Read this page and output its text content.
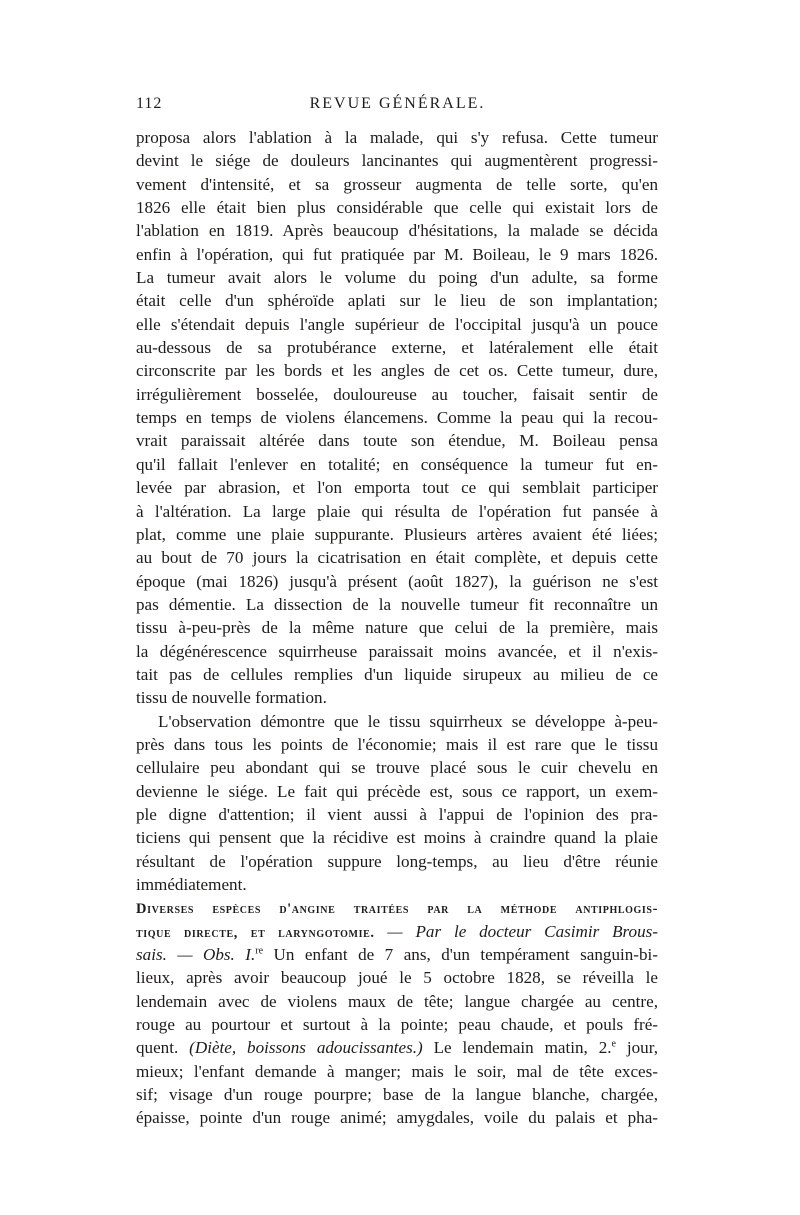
112	REVUE GÉNÉRALE.
proposa alors l'ablation à la malade, qui s'y refusa. Cette tumeur
devint le siége de douleurs lancinantes qui augmentèrent progressi-
vement d'intensité, et sa grosseur augmenta de telle sorte, qu'en
1826 elle était bien plus considérable que celle qui existait lors de
l'ablation en 1819. Après beaucoup d'hésitations, la malade se décida
enfin à l'opération, qui fut pratiquée par M. Boileau, le 9 mars 1826.
La tumeur avait alors le volume du poing d'un adulte, sa forme
était celle d'un sphéroïde aplati sur le lieu de son implantation;
elle s'étendait depuis l'angle supérieur de l'occipital jusqu'à un pouce
au-dessous de sa protubérance externe, et latéralement elle était
circonscrite par les bords et les angles de cet os. Cette tumeur, dure,
irrégulièrement bosselée, douloureuse au toucher, faisait sentir de
temps en temps de violens élancemens. Comme la peau qui la recou-
vrait paraissait altérée dans toute son étendue, M. Boileau pensa
qu'il fallait l'enlever en totalité; en conséquence la tumeur fut en-
levée par abrasion, et l'on emporta tout ce qui semblait participer
à l'altération. La large plaie qui résulta de l'opération fut pansée à
plat, comme une plaie suppurante. Plusieurs artères avaient été liées;
au bout de 70 jours la cicatrisation en était complète, et depuis cette
époque (mai 1826) jusqu'à présent (août 1827), la guérison ne s'est
pas démentie. La dissection de la nouvelle tumeur fit reconnaître un
tissu à-peu-près de la même nature que celui de la première, mais
la dégénérescence squirrheuse paraissait moins avancée, et il n'exis-
tait pas de cellules remplies d'un liquide sirupeux au milieu de ce
tissu de nouvelle formation.
L'observation démontre que le tissu squirrheux se développe à-peu-
près dans tous les points de l'économie; mais il est rare que le tissu
cellulaire peu abondant qui se trouve placé sous le cuir chevelu en
devienne le siége. Le fait qui précède est, sous ce rapport, un exem-
ple digne d'attention; il vient aussi à l'appui de l'opinion des pra-
ticiens qui pensent que la récidive est moins à craindre quand la plaie
résultant de l'opération suppure long-temps, au lieu d'être réunie
immédiatement.
Diverses espèces d'angine traitées par la méthode antiphlogis-
tique directe, et laryngotomie. — Par le docteur Casimir Brous-
sais. — Obs. I.$^{re}$ Un enfant de 7 ans, d'un tempérament sanguin-bi-
lieux, après avoir beaucoup joué le 5 octobre 1828, se réveilla le
lendemain avec de violens maux de tête; langue chargée au centre,
rouge au pourtour et surtout à la pointe; peau chaude, et pouls fré-
quent. (Diète, boissons adoucissantes.) Le lendemain matin, 2.$^e$ jour,
mieux; l'enfant demande à manger; mais le soir, mal de tête exces-
sif; visage d'un rouge pourpre; base de la langue blanche, chargée,
épaisse, pointe d'un rouge animé; amygdales, voile du palais et pha-
